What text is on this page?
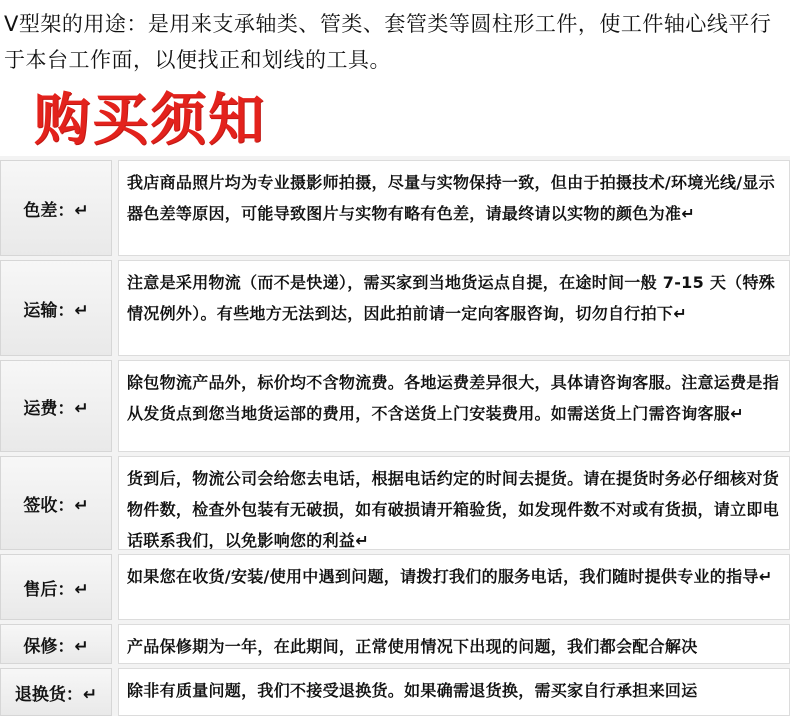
V型架的用途：是用来支承轴类、管类、套管类等圆柱形工件，使工件轴心线平行于本台工作面，以便找正和划线的工具。
购买须知
色差：↵
我店商品照片均为专业摄影师拍摄，尽量与实物保持一致，但由于拍摄技术/环境光线/显示器色差等原因，可能导致图片与实物有略有色差，请最终请以实物的颜色为准↵
运输：↵
注意是采用物流（而不是快递），需买家到当地货运点自提，在途时间一般 7-15 天（特殊情况例外）。有些地方无法到达，因此拍前请一定向客服咨询，切勿自行拍下↵
运费：↵
除包物流产品外，标价均不含物流费。各地运费差异很大，具体请咨询客服。注意运费是指从发货点到您当地货运部的费用，不含送货上门安装费用。如需送货上门需咨询客服↵
签收：↵
货到后，物流公司会给您去电话，根据电话约定的时间去提货。请在提货时务必仔细核对货物件数，检查外包装有无破损，如有破损请开箱验货，如发现件数不对或有货损，请立即电话联系我们，以免影响您的利益↵
售后：↵
如果您在收货/安装/使用中遇到问题，请拨打我们的服务电话，我们随时提供专业的指导↵
保修：↵	产品保修期为一年，在此期间，正常使用情况下出现的问题，我们都会配合解决
退换货：↵	除非有质量问题，我们不接受退换货。如果确需退货换，需买家自行承担来回运
